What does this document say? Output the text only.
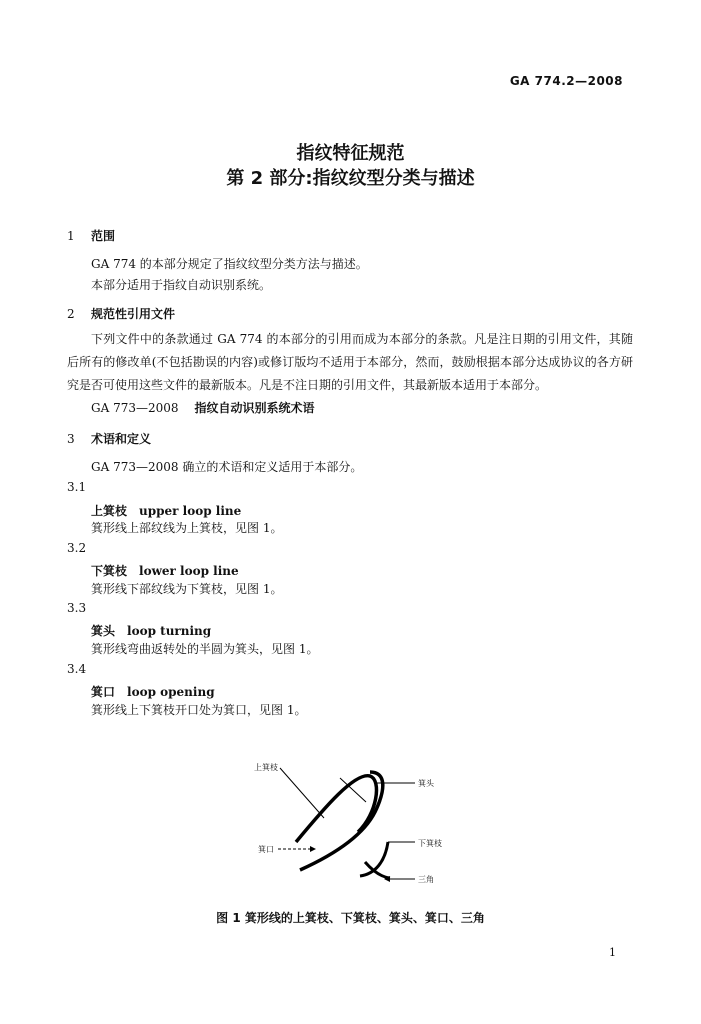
GA 774.2—2008
指纹特征规范
第 2 部分:指纹纹型分类与描述
1 范围
GA 774 的本部分规定了指纹纹型分类方法与描述。
本部分适用于指纹自动识别系统。
2 规范性引用文件
下列文件中的条款通过 GA 774 的本部分的引用而成为本部分的条款。凡是注日期的引用文件，其随后所有的修改单(不包括勘误的内容)或修订版均不适用于本部分，然而，鼓励根据本部分达成协议的各方研究是否可使用这些文件的最新版本。凡是不注日期的引用文件，其最新版本适用于本部分。
GA 773—2008 指纹自动识别系统术语
3 术语和定义
GA 773—2008 确立的术语和定义适用于本部分。
3.1
上箕枝 upper loop line
箕形线上部纹线为上箕枝，见图 1。
3.2
下箕枝 lower loop line
箕形线下部纹线为下箕枝，见图 1。
3.3
箕头 loop turning
箕形线弯曲返转处的半圆为箕头，见图 1。
3.4
箕口 loop opening
箕形线上下箕枝开口处为箕口，见图 1。
上箕枝
箕头
箕口
下箕枝
三角
图 1 箕形线的上箕枝、下箕枝、箕头、箕口、三角
1
